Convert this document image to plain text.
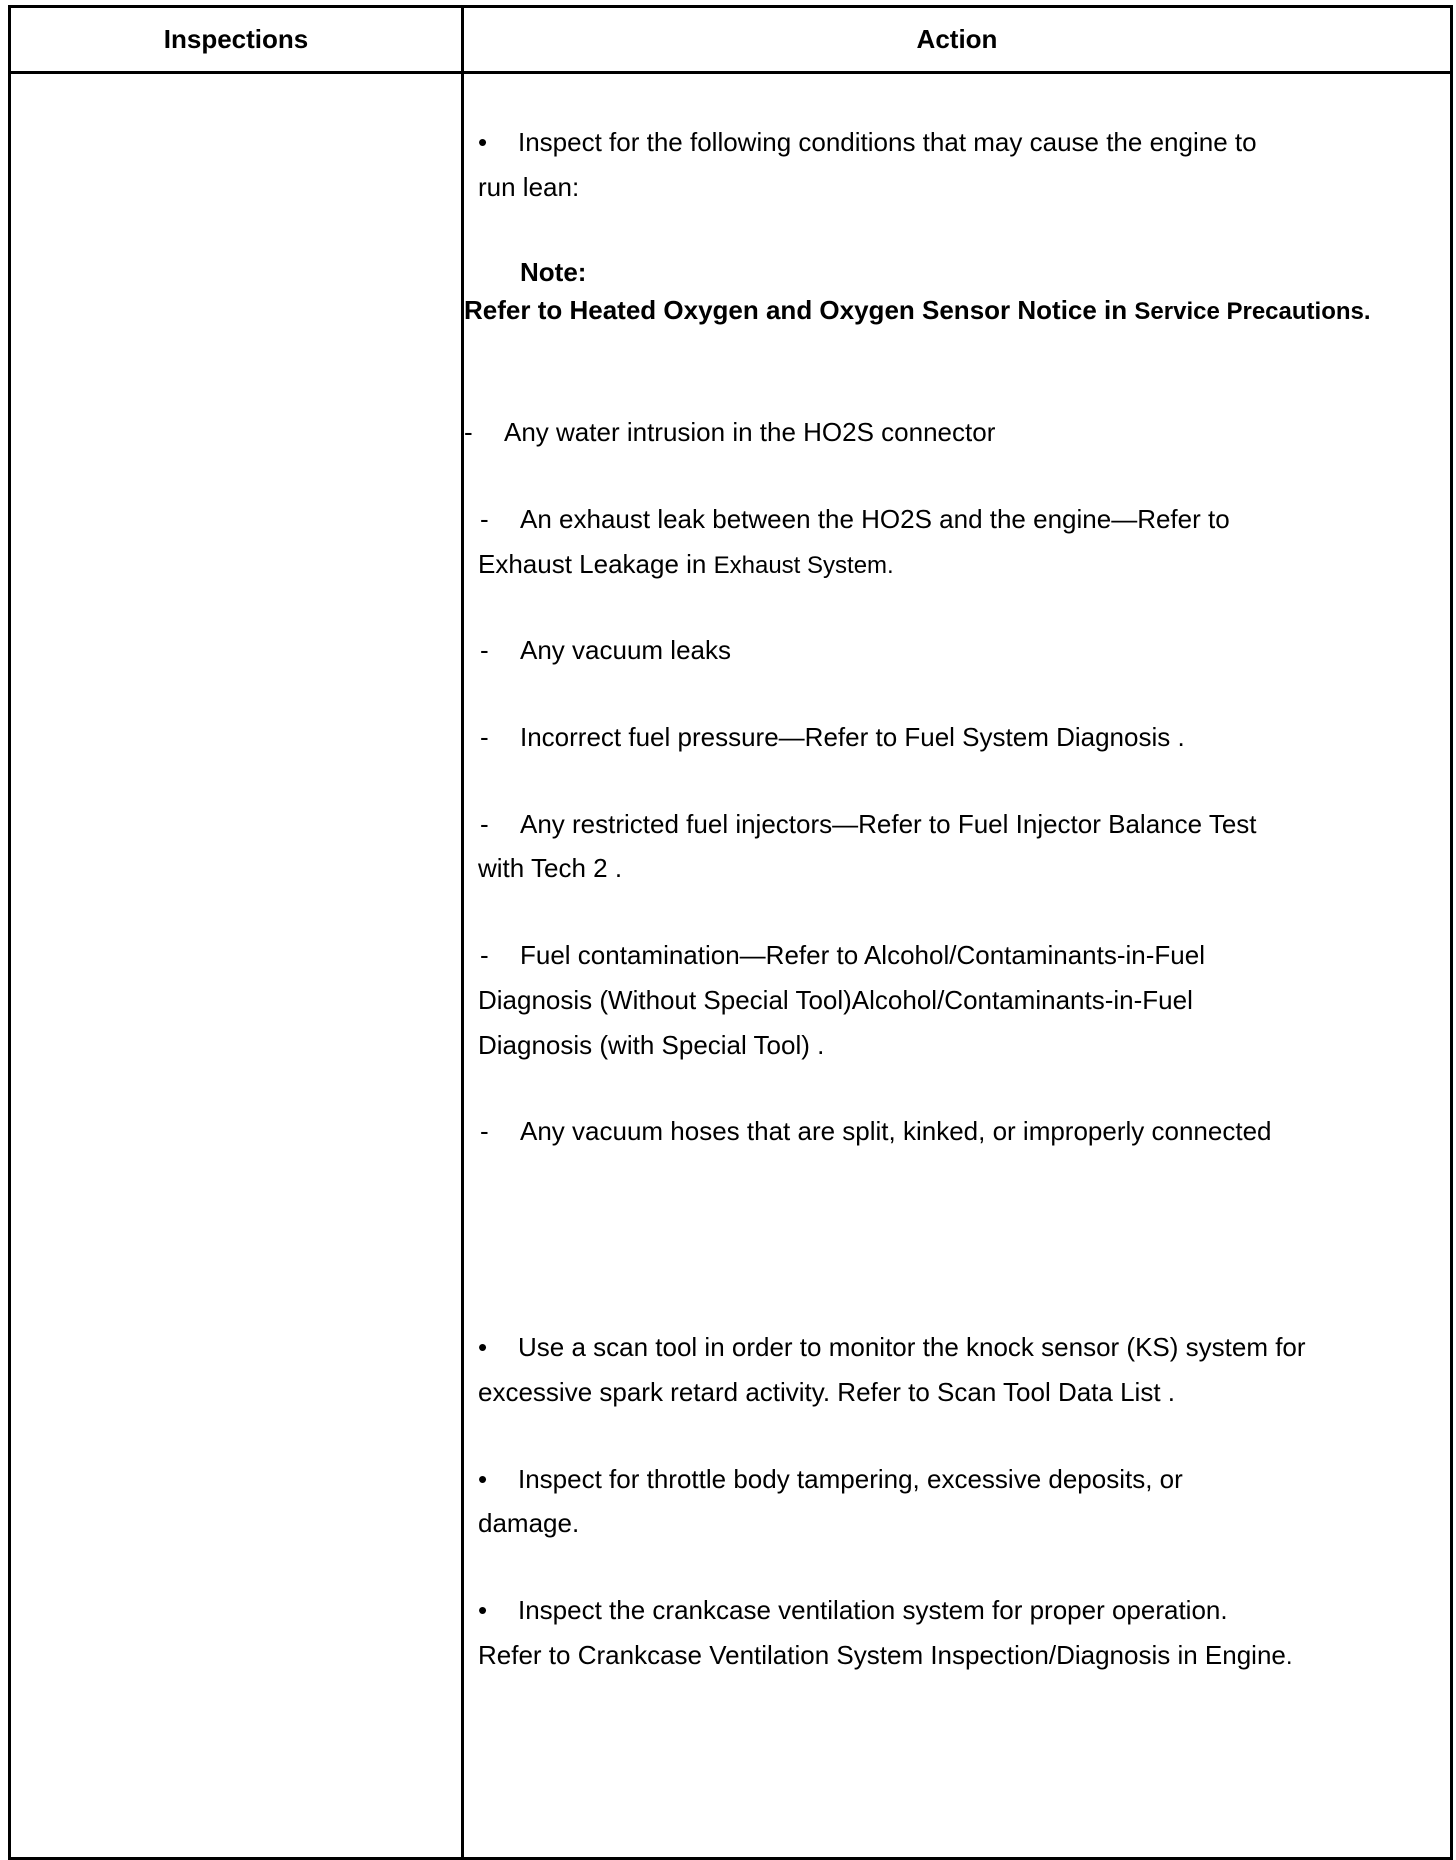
Inspections	Action
• Inspect for the following conditions that may cause the engine to
run lean:
Note:
Refer to Heated Oxygen and Oxygen Sensor Notice in Service Precautions.
- Any water intrusion in the HO2S connector
- An exhaust leak between the HO2S and the engine—Refer to
Exhaust Leakage in Exhaust System.
- Any vacuum leaks
- Incorrect fuel pressure—Refer to Fuel System Diagnosis .
- Any restricted fuel injectors—Refer to Fuel Injector Balance Test
with Tech 2 .
- Fuel contamination—Refer to Alcohol/Contaminants-in-Fuel
Diagnosis (Without Special Tool)Alcohol/Contaminants-in-Fuel
Diagnosis (with Special Tool) .
- Any vacuum hoses that are split, kinked, or improperly connected
• Use a scan tool in order to monitor the knock sensor (KS) system for
excessive spark retard activity. Refer to Scan Tool Data List .
• Inspect for throttle body tampering, excessive deposits, or
damage.
• Inspect the crankcase ventilation system for proper operation.
Refer to Crankcase Ventilation System Inspection/Diagnosis in Engine.
